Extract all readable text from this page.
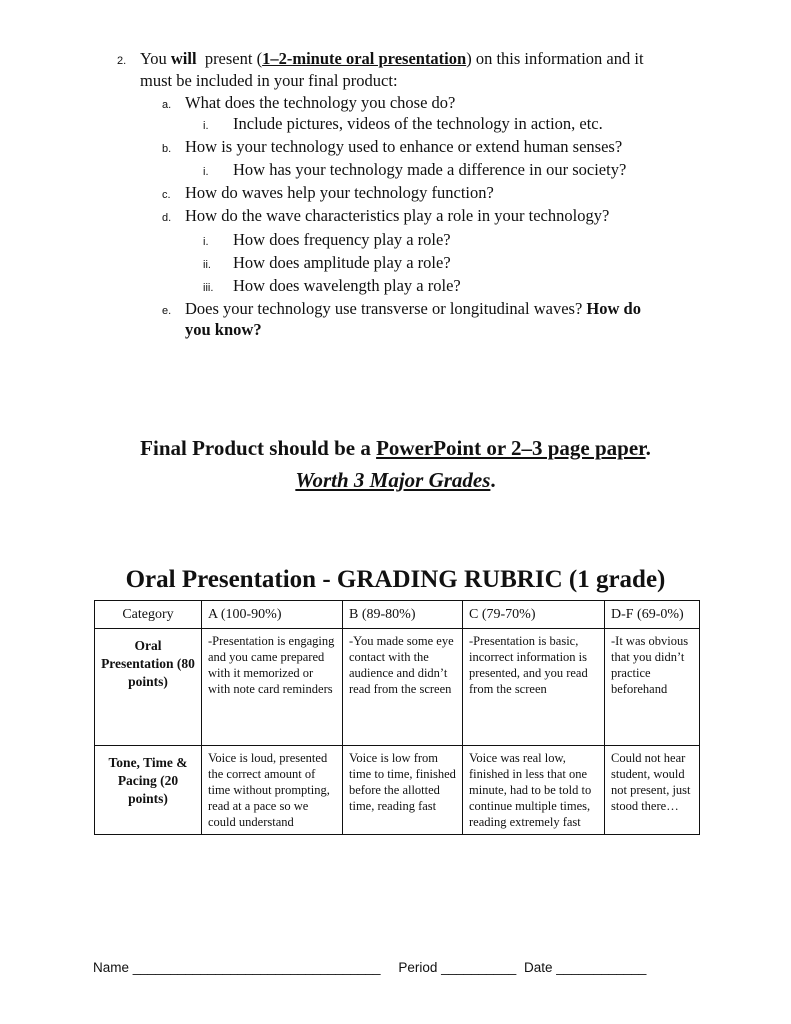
2. You will  present (1–2-minute oral presentation) on this information and it
must be included in your final product:
a. What does the technology you chose do?
i. Include pictures, videos of the technology in action, etc.
b. How is your technology used to enhance or extend human senses?
i. How has your technology made a difference in our society?
c. How do waves help your technology function?
d. How do the wave characteristics play a role in your technology?
i. How does frequency play a role?
ii. How does amplitude play a role?
iii. How does wavelength play a role?
e. Does your technology use transverse or longitudinal waves? How do
you know?
Final Product should be a PowerPoint or 2–3 page paper.
Worth 3 Major Grades.
Oral Presentation - GRADING RUBRIC (1 grade)
Category	A (100-90%)	B (89-80%)	C (79-70%)	D-F (69-0%)
Oral Presentation (80 points)	-Presentation is engaging and you came prepared with it memorized or with note card reminders	-You made some eye contact with the audience and didn’t read from the screen	-Presentation is basic, incorrect information is presented, and you read from the screen	-It was obvious that you didn’t practice beforehand
Tone, Time & Pacing (20 points)	Voice is loud, presented the correct amount of time without prompting, read at a pace so we could understand	Voice is low from time to time, finished before the allotted time, reading fast	Voice was real low, finished in less that one minute, had to be told to continue multiple times, reading extremely fast	Could not hear student, would not present, just stood there…
Name _________________________________ Period __________ Date ____________
